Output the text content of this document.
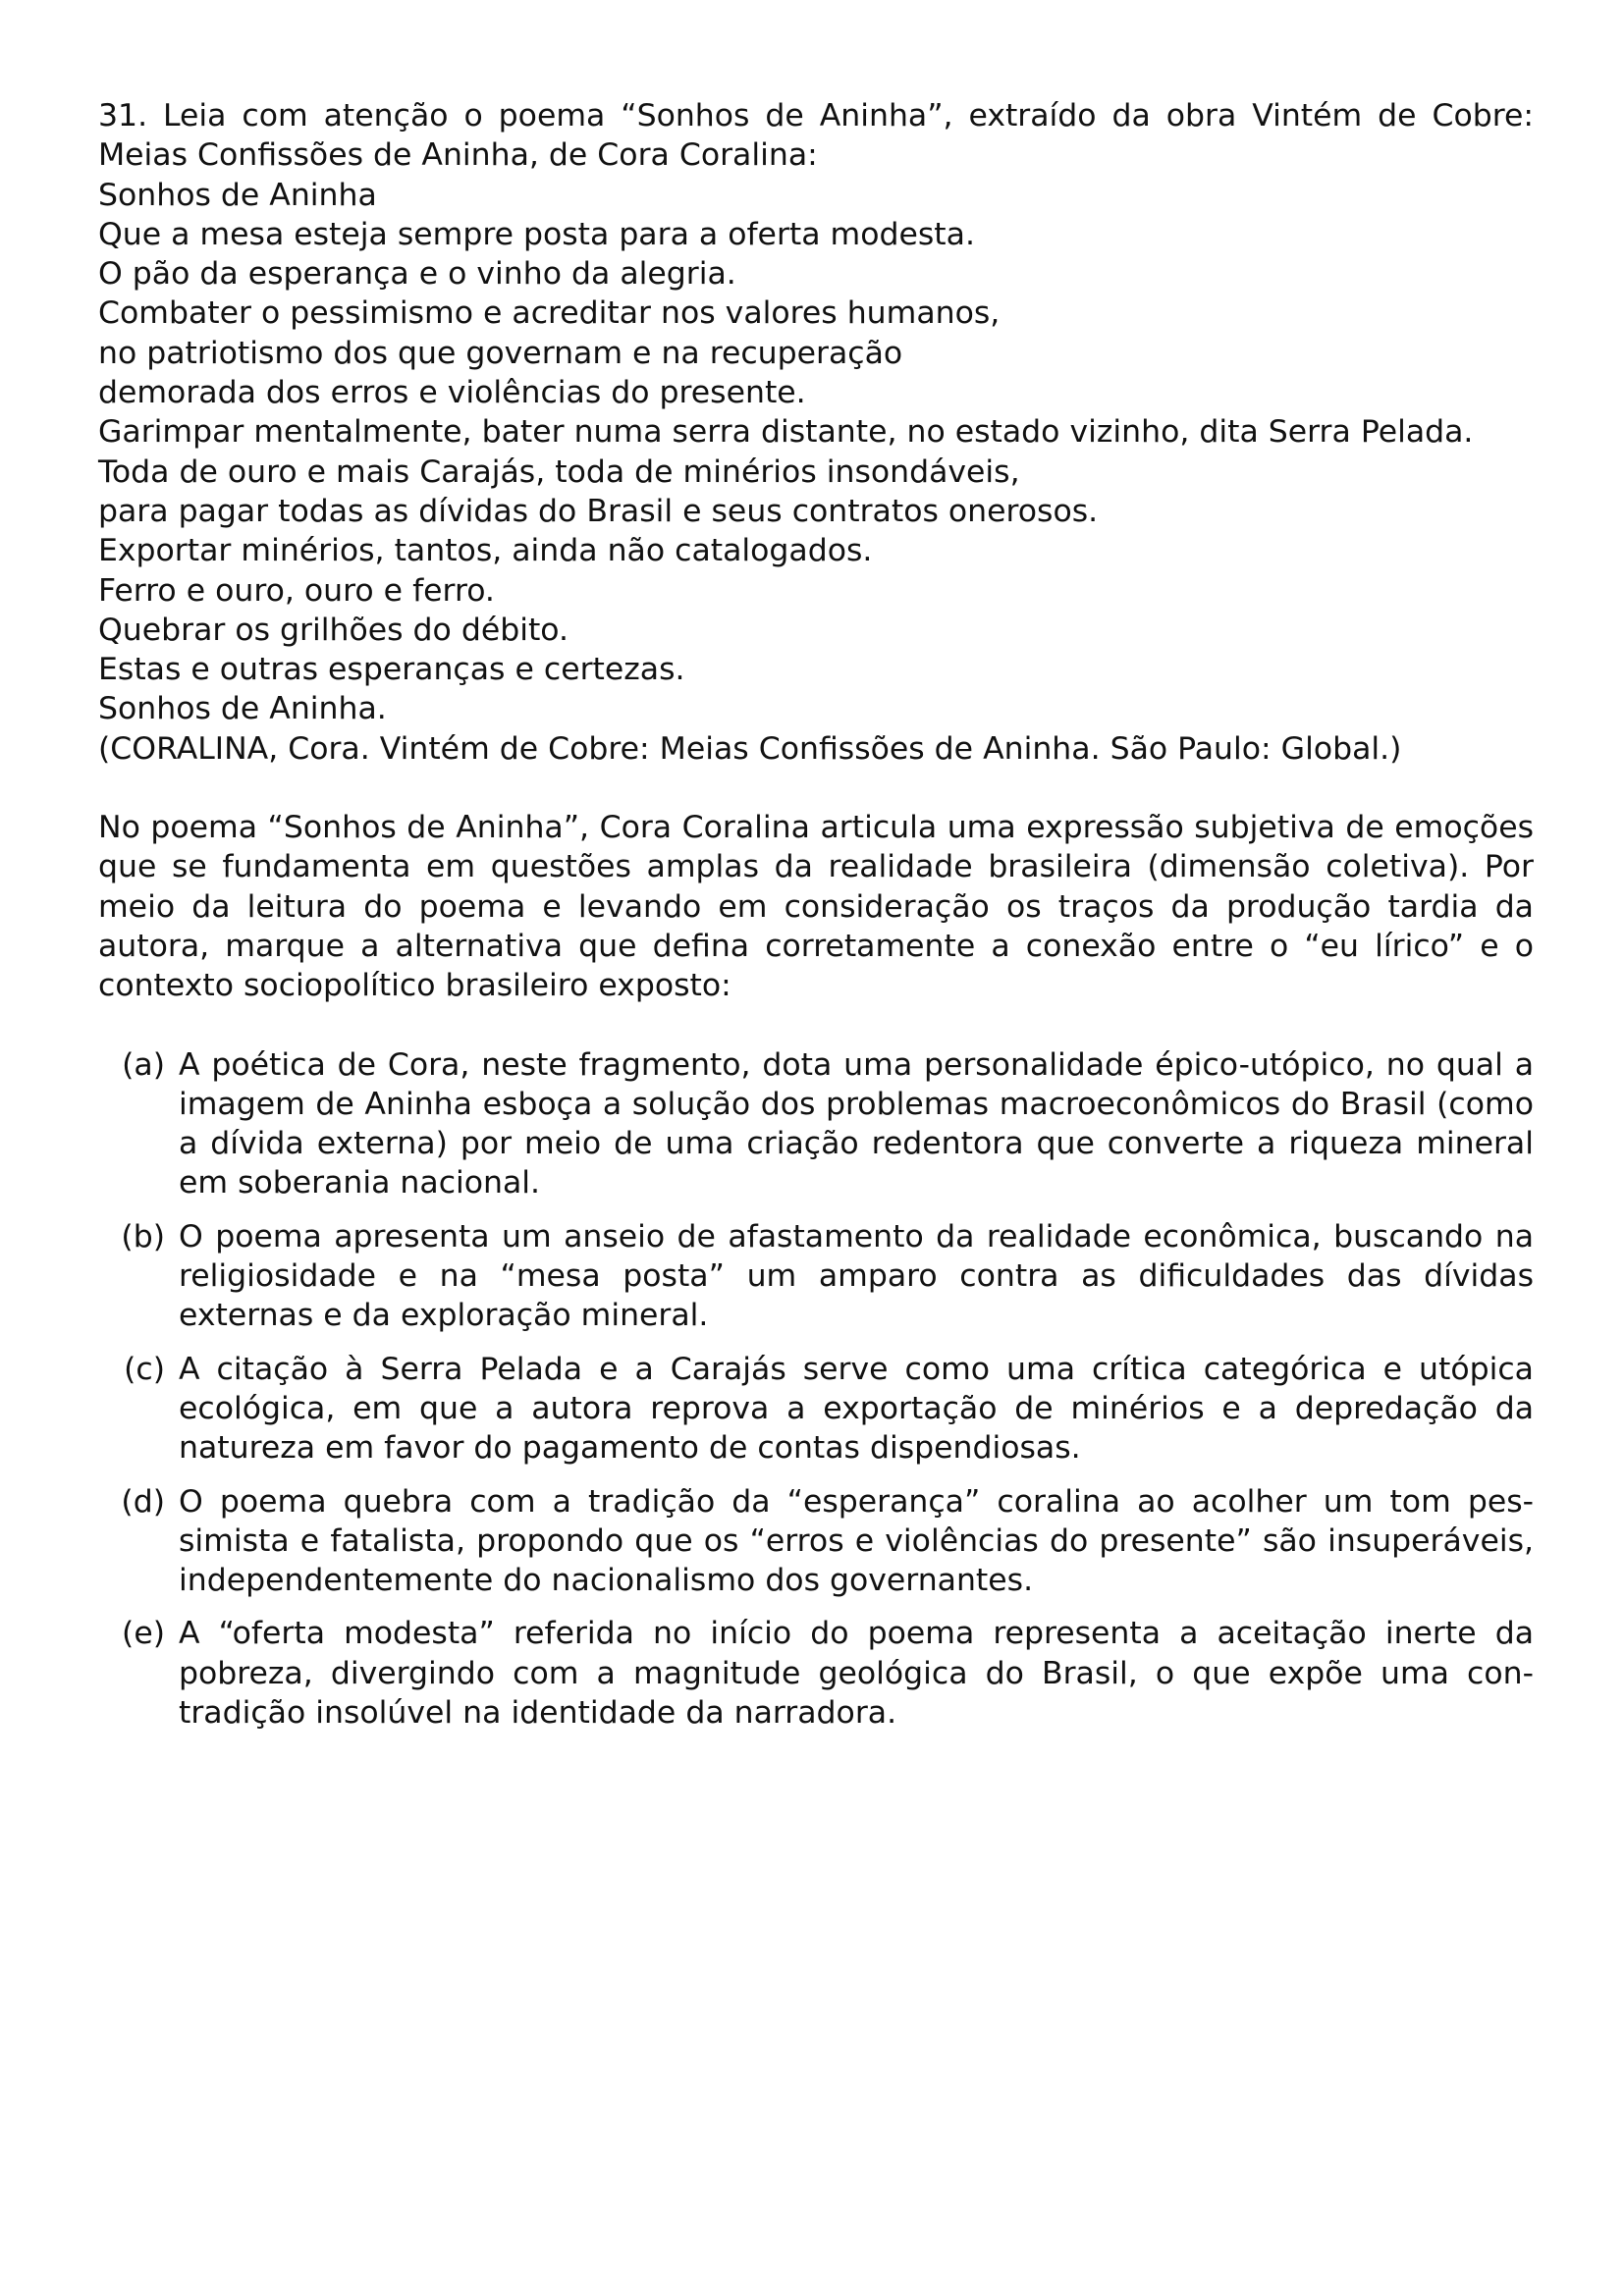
31. Leia com atenção o poema “Sonhos de Aninha”, extraído da obra Vintém de Cobre:
Meias Confissões de Aninha, de Cora Coralina:
Sonhos de Aninha
Que a mesa esteja sempre posta para a oferta modesta.
O pão da esperança e o vinho da alegria.
Combater o pessimismo e acreditar nos valores humanos,
no patriotismo dos que governam e na recuperação
demorada dos erros e violências do presente.
Garimpar mentalmente, bater numa serra distante, no estado vizinho, dita Serra Pelada.
Toda de ouro e mais Carajás, toda de minérios insondáveis,
para pagar todas as dívidas do Brasil e seus contratos onerosos.
Exportar minérios, tantos, ainda não catalogados.
Ferro e ouro, ouro e ferro.
Quebrar os grilhões do débito.
Estas e outras esperanças e certezas.
Sonhos de Aninha.
(CORALINA, Cora. Vintém de Cobre: Meias Confissões de Aninha. São Paulo: Global.)
No poema “Sonhos de Aninha”, Cora Coralina articula uma expressão subjetiva de emoções que se fundamenta em questões amplas da realidade brasileira (dimensão coletiva). Por meio da leitura do poema e levando em consideração os traços da produção tardia da autora, marque a alternativa que defina corretamente a conexão entre o “eu lírico” e o contexto sociopolítico brasileiro exposto:
(a) A poética de Cora, neste fragmento, dota uma personalidade épico-utópico, no qual a imagem de Aninha esboça a solução dos problemas macroeconômicos do Brasil (como a dívida externa) por meio de uma criação redentora que converte a riqueza mineral em soberania nacional.
(b) O poema apresenta um anseio de afastamento da realidade econômica, buscando na religiosidade e na “mesa posta” um amparo contra as dificuldades das dívidas externas e da exploração mineral.
(c) A citação à Serra Pelada e a Carajás serve como uma crítica categórica e utópica ecológica, em que a autora reprova a exportação de minérios e a depredação da natureza em favor do pagamento de contas dispendiosas.
(d) O poema quebra com a tradição da “esperança” coralina ao acolher um tom pessimista e fatalista, propondo que os “erros e violências do presente” são insuperáveis, independentemente do nacionalismo dos governantes.
(e) A “oferta modesta” referida no início do poema representa a aceitação inerte da pobreza, divergindo com a magnitude geológica do Brasil, o que expõe uma contradição insolúvel na identidade da narradora.
